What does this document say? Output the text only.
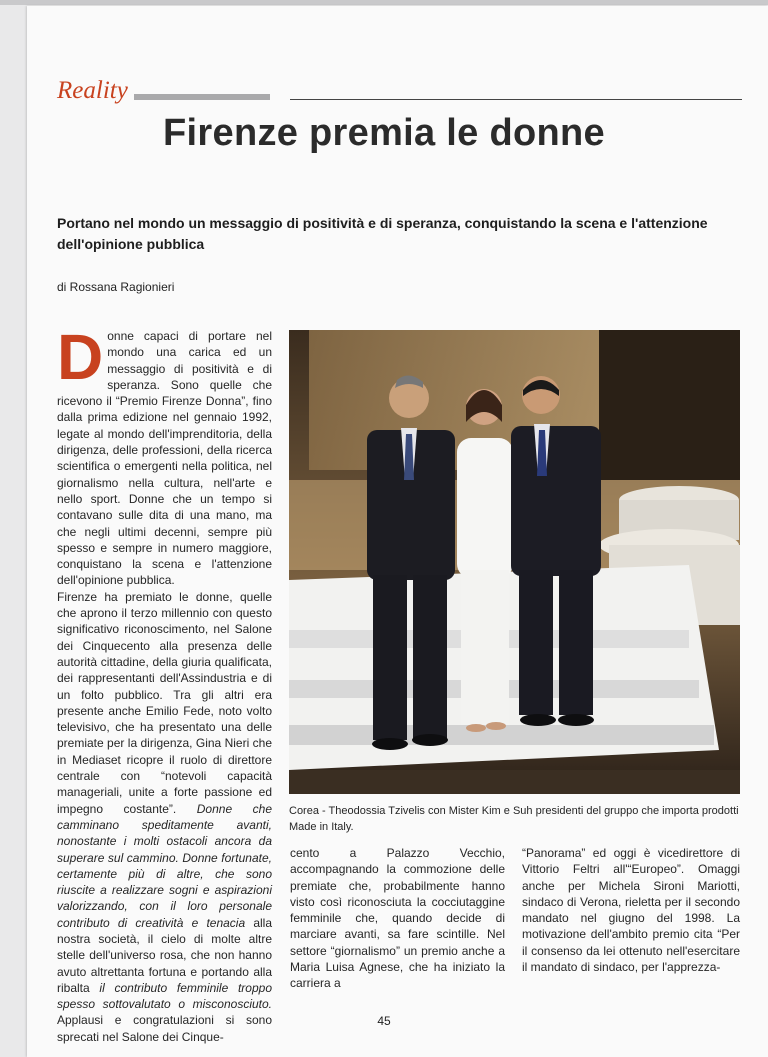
Reality
Firenze premia le donne
Portano nel mondo un messaggio di positività e di speranza, conquistando la scena e l'attenzione dell'opinione pubblica
di Rossana Ragionieri

Donne capaci di portare nel mondo una carica ed un messaggio di positività e di speranza. Sono quelle che ricevono il “Premio Firenze Donna”, fino dalla prima edizione nel gennaio 1992, legate al mondo dell'imprenditoria, della dirigenza, delle professioni, della ricerca scientifica o emergenti nella politica, nel giornalismo nella cultura, nell'arte e nello sport. Donne che un tempo si contavano sulle dita di una mano, ma che negli ultimi decenni, sempre più spesso e sempre in numero maggiore, conquistano la scena e l'attenzione dell'opinione pubblica.

Firenze ha premiato le donne, quelle che aprono il terzo millennio con questo significativo riconoscimento, nel Salone dei Cinquecento alla presenza delle autorità cittadine, della giuria qualificata, dei rappresentanti dell'Assindustria e di un folto pubblico. Tra gli altri era presente anche Emilio Fede, noto volto televisivo, che ha presentato una delle premiate per la dirigenza, Gina Nieri che in Mediaset ricopre il ruolo di direttore centrale con “notevoli capacità manageriali, unite a forte passione ed impegno costante”. Donne che camminano speditamente avanti, nonostante i molti ostacoli ancora da superare sul cammino. Donne fortunate, certamente più di altre, che sono riuscite a realizzare sogni e aspirazioni valorizzando, con il loro personale contributo di creatività e tenacia alla nostra società, il cielo di molte altre stelle dell'universo rosa, che non hanno avuto altrettanta fortuna e portando alla ribalta il contributo femminile troppo spesso sottovalutato o misconosciuto. Applausi e congratulazioni si sono sprecati nel Salone dei Cinque-

Corea - Theodossia Tzivelis con Mister Kim e Suh presidenti del gruppo che importa prodotti Made in Italy.
cento a Palazzo Vecchio, accompagnando la commozione delle premiate che, probabilmente hanno visto così riconosciuta la cocciutaggine femminile che, quando decide di marciare avanti, sa fare scintille. Nel settore “giornalismo” un premio anche a Maria Luisa Agnese, che ha iniziato la carriera a
“Panorama” ed oggi è vicedirettore di Vittorio Feltri all'“Europeo”. Omaggi anche per Michela Sironi Mariotti, sindaco di Verona, rieletta per il secondo mandato nel giugno del 1998. La motivazione dell'ambito premio cita “Per il consenso da lei ottenuto nell'esercitare il mandato di sindaco, per l'apprezza-
45
